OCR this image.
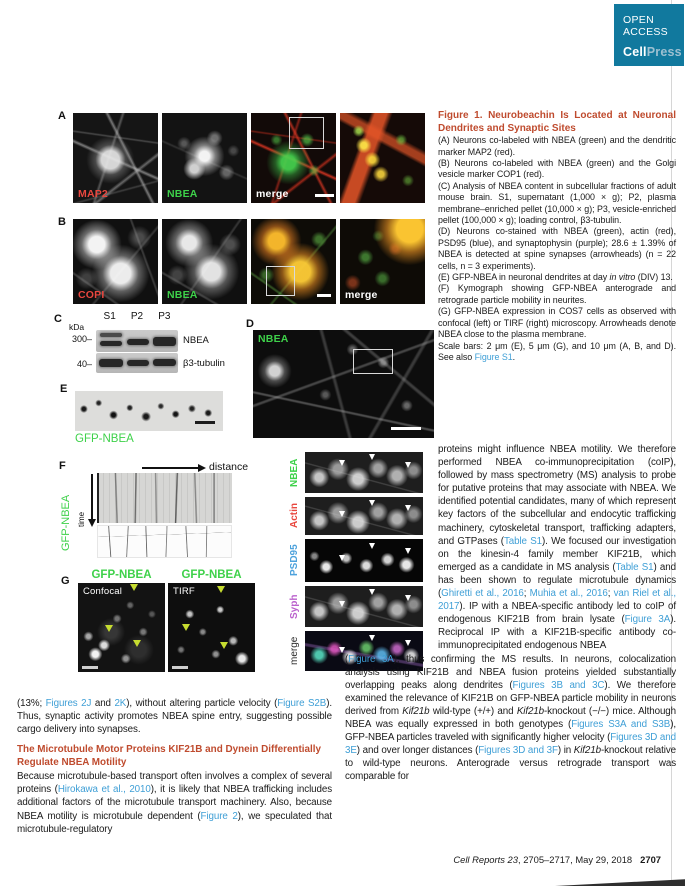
OPEN
ACCESS
CellPress
A
MAP2	NBEA	merge
B
COPI	NBEA	merge
C	S1 P2 P3
kDa
300–	NBEA
40–	β3-tubulin
D
NBEA
E
GFP-NBEA
F	distance
GFP-NBEA time
G	GFP-NBEA	GFP-NBEA
Confocal	TIRF
NBEA
Actin
PSD95
Syph
merge
Figure 1. Neurobeachin Is Located at Neuronal Dendrites and Synaptic Sites
(A) Neurons co-labeled with NBEA (green) and the dendritic marker MAP2 (red).
(B) Neurons co-labeled with NBEA (green) and the Golgi vesicle marker COP1 (red).
(C) Analysis of NBEA content in subcellular fractions of adult mouse brain. S1, supernatant (1,000 × g); P2, plasma membrane–enriched pellet (10,000 × g); P3, vesicle-enriched pellet (100,000 × g); loading control, β3-tubulin.
(D) Neurons co-stained with NBEA (green), actin (red), PSD95 (blue), and synaptophysin (purple); 28.6 ± 1.39% of NBEA is detected at spine synapses (arrowheads) (n = 22 cells, n = 3 experiments).
(E) GFP-NBEA in neuronal dendrites at day in vitro (DIV) 13.
(F) Kymograph showing GFP-NBEA anterograde and retrograde particle mobility in neurites.
(G) GFP-NBEA expression in COS7 cells as observed with confocal (left) or TIRF (right) microscopy. Arrowheads denote NBEA close to the plasma membrane.
Scale bars: 2 μm (E), 5 μm (G), and 10 μm (A, B, and D). See also Figure S1.
proteins might influence NBEA motility. We therefore performed NBEA co-immunoprecipitation (coIP), followed by mass spectrometry (MS) analysis to probe for putative proteins that may associate with NBEA. We identified potential candidates, many of which represent key factors of the subcellular and endocytic trafficking machinery, cytoskeletal transport, trafficking adapters, and GTPases (Table S1). We focused our investigation on the kinesin-4 family member KIF21B, which emerged as a candidate in MS analysis (Table S1) and has been shown to regulate microtubule dynamics (Ghiretti et al., 2016; Muhia et al., 2016; van Riel et al., 2017). IP with a NBEA-specific antibody led to coIP of endogenous KIF21B from brain lysate (Figure 3A). Reciprocal IP with a KIF21B-specific antibody co-immunoprecipitated endogenous NBEA
(Figure 3A), thus confirming the MS results. In neurons, colocalization analysis using KIF21B and NBEA fusion proteins yielded substantially overlapping peaks along dendrites (Figures 3B and 3C). We therefore examined the relevance of KIF21B on GFP-NBEA particle mobility in neurons derived from Kif21b wild-type (+/+) and Kif21b-knockout (−/−) mice. Although NBEA was equally expressed in both genotypes (Figures S3A and S3B), GFP-NBEA particles traveled with significantly higher velocity (Figures 3D and 3E) and over longer distances (Figures 3D and 3F) in Kif21b-knockout relative to wild-type neurons. Anterograde versus retrograde transport was comparable for
(13%; Figures 2J and 2K), without altering particle velocity (Figure S2B). Thus, synaptic activity promotes NBEA spine entry, suggesting possible cargo delivery into synapses.
The Microtubule Motor Proteins KIF21B and Dynein Differentially Regulate NBEA Motility
Because microtubule-based transport often involves a complex of several proteins (Hirokawa et al., 2010), it is likely that NBEA trafficking includes additional factors of the microtubule transport machinery. Also, because NBEA motility is microtubule dependent (Figure 2), we speculated that microtubule-regulatory
Cell Reports 23, 2705–2717, May 29, 2018 2707
